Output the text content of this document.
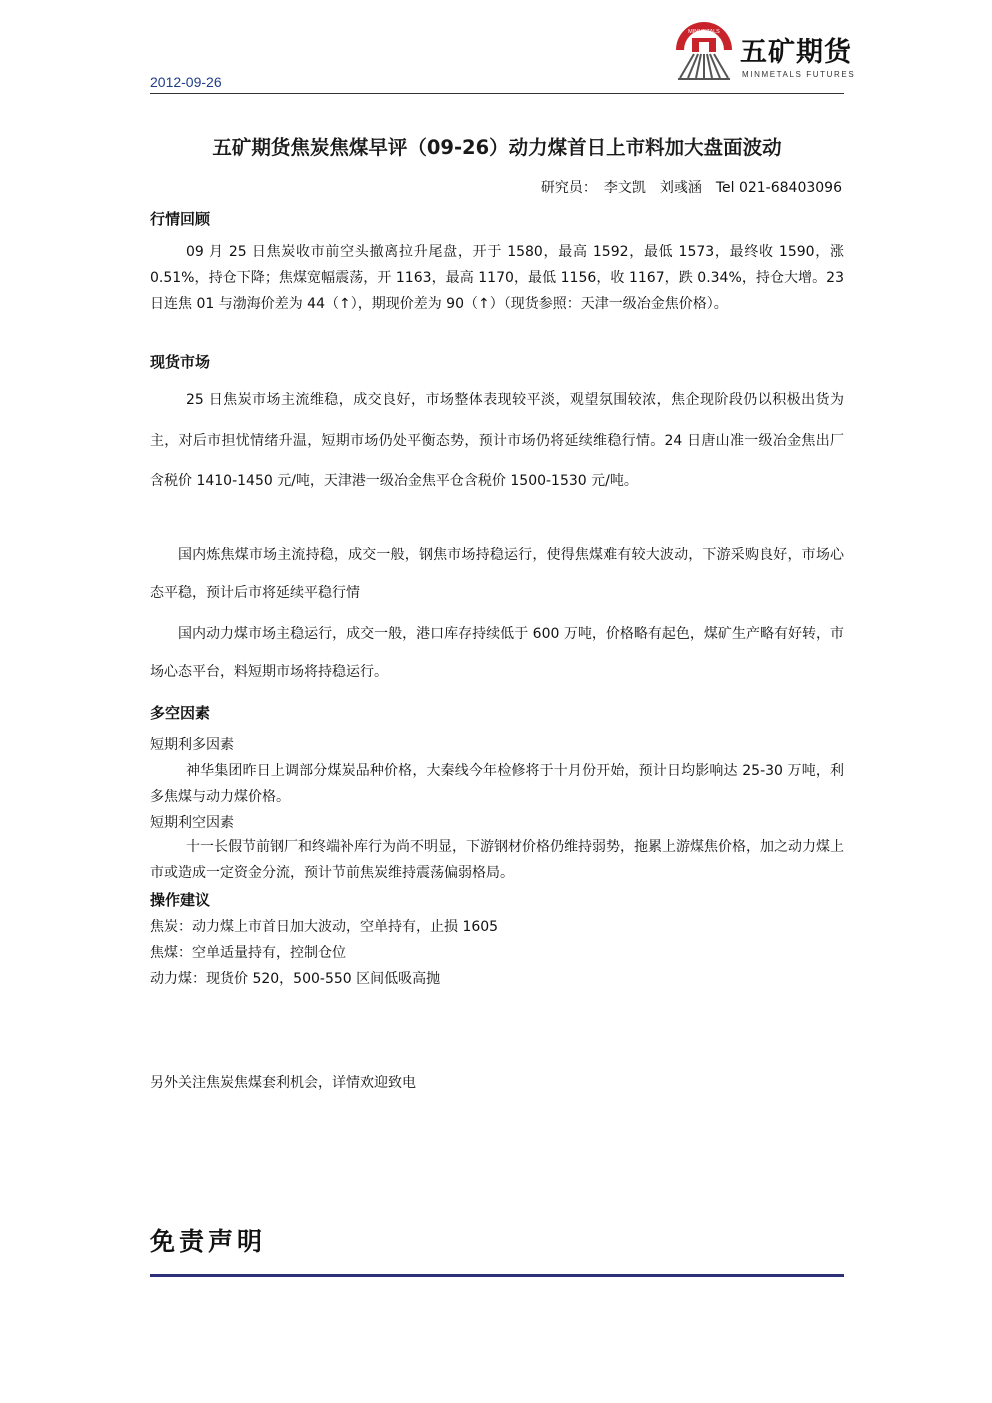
2012-09-26
MINMETALS
五矿期货
MINMETALS FUTURES
五矿期货焦炭焦煤早评（09-26）动力煤首日上市料加大盘面波动
研究员：　李文凯　刘彧涵　Tel 021-68403096
行情回顾
09 月 25 日焦炭收市前空头撤离拉升尾盘，开于 1580，最高 1592，最低 1573，最终收 1590，涨 0.51%，持仓下降；焦煤宽幅震荡，开 1163，最高 1170，最低 1156，收 1167，跌 0.34%，持仓大增。23 日连焦 01 与渤海价差为 44（↑），期现价差为 90（↑）（现货参照：天津一级冶金焦价格）。
现货市场
25 日焦炭市场主流维稳，成交良好，市场整体表现较平淡，观望氛围较浓，焦企现阶段仍以积极出货为主，对后市担忧情绪升温，短期市场仍处平衡态势，预计市场仍将延续维稳行情。24 日唐山准一级冶金焦出厂含税价 1410-1450 元/吨，天津港一级冶金焦平仓含税价 1500-1530 元/吨。
国内炼焦煤市场主流持稳，成交一般，钢焦市场持稳运行，使得焦煤难有较大波动，下游采购良好，市场心态平稳，预计后市将延续平稳行情
国内动力煤市场主稳运行，成交一般，港口库存持续低于 600 万吨，价格略有起色，煤矿生产略有好转，市场心态平台，料短期市场将持稳运行。
多空因素
短期利多因素
神华集团昨日上调部分煤炭品种价格，大秦线今年检修将于十月份开始，预计日均影响达 25-30 万吨，利多焦煤与动力煤价格。
短期利空因素
十一长假节前钢厂和终端补库行为尚不明显，下游钢材价格仍维持弱势，拖累上游煤焦价格，加之动力煤上市或造成一定资金分流，预计节前焦炭维持震荡偏弱格局。
操作建议
焦炭：动力煤上市首日加大波动，空单持有，止损 1605
焦煤：空单适量持有，控制仓位
动力煤：现货价 520，500-550 区间低吸高抛
另外关注焦炭焦煤套利机会，详情欢迎致电
免责声明
